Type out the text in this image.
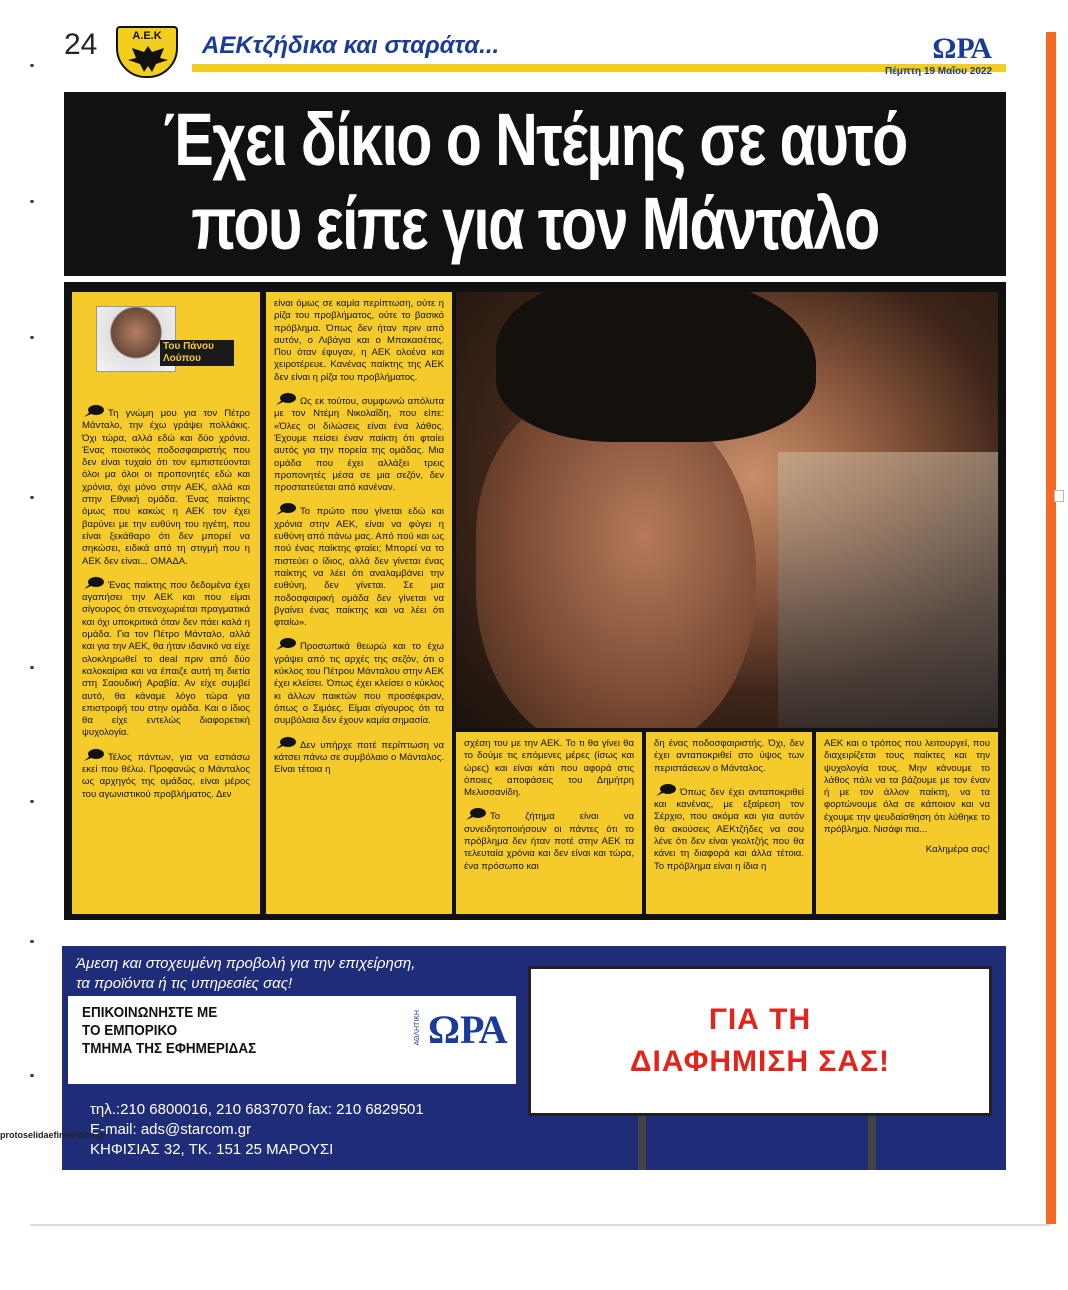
24	Α.Ε.Κ	ΑΕΚτζήδικα και σταράτα...	ΩΡΑ
Πέμπτη 19 Μαΐου 2022
Έχει δίκιο ο Ντέμης σε αυτό
που είπε για τον Μάνταλο
Του Πάνου
Λούπου

Τη γνώμη μου για τον Πέτρο Μάνταλο, την έχω γράψει πολλάκις. Όχι τώρα, αλλά εδώ και δύο χρόνια. Ένας ποιοτικός ποδοσφαιριστής που δεν είναι τυχαίο ότι τον εμπιστεύονται όλοι μα όλοι οι προπονητές εδώ και χρόνια, όχι μόνο στην ΑΕΚ, αλλά και στην Εθνική ομάδα. Ένας παίκτης όμως που κακώς η ΑΕΚ τον έχει βαρύνει με την ευθύνη του ηγέτη, που είναι ξεκάθαρο ότι δεν μπορεί να σηκώσει, ειδικά από τη στιγμή που η ΑΕΚ δεν είναι... ΟΜΑΔΑ.

Ένας παίκτης που δεδομένα έχει αγαπήσει την ΑΕΚ και που είμαι σίγουρος ότι στενοχωριέται πραγματικά και όχι υποκριτικά όταν δεν πάει καλά η ομάδα. Για τον Πέτρο Μάνταλο, αλλά και για την ΑΕΚ, θα ήταν ιδανικό να είχε ολοκληρωθεί το deal πριν από δύο καλοκαίρια και να έπαιζε αυτή τη διετία στη Σαουδική Αραβία. Αν είχε συμβεί αυτό, θα κάναμε λόγο τώρα για επιστροφή του στην ομάδα. Και ο ίδιος θα είχε εντελώς διαφορετική ψυχολογία.

Τέλος πάντων, για να εστιάσω εκεί που θέλω. Προφανώς ο Μάνταλος ως αρχηγός της ομάδας, είναι μέρος του αγωνιστικού προβλήματος. Δεν

είναι όμως σε καμία περίπτωση, ούτε η ρίζα του προβλήματος, ούτε το βασικό πρόβλημα. Όπως δεν ήταν πριν από αυτόν, ο Λιβάγια και ο Μπακασέτας. Που όταν έφυγαν, η ΑΕΚ ολοένα και χειροτέρευε. Κανένας παίκτης της ΑΕΚ δεν είναι η ρίζα του προβλήματος.

Ως εκ τούτου, συμφωνώ απόλυτα με τον Ντέμη Νικολαΐδη, που είπε: «Όλες οι διλώσεις είναι ένα λάθος. Έχουμε πείσει έναν παίκτη ότι φταίει αυτός για την πορεία της ομάδας. Μια ομάδα που έχει αλλάξει τρεις προπονητές μέσα σε μια σεζόν, δεν προστατεύεται από κανέναν.

Το πρώτο που γίνεται εδώ και χρόνια στην ΑΕΚ, είναι να φύγει η ευθύνη από πάνω μας. Από πού και ως πού ένας παίκτης φταίει; Μπορεί να το πιστεύει ο ίδιος, αλλά δεν γίνεται ένας παίκτης να λέει ότι αναλαμβάνει την ευθύνη, δεν γίνεται. Σε μια ποδοσφαιρική ομάδα δεν γίνεται να βγαίνει ένας παίκτης και να λέει ότι φταίω».

Προσωπικά θεωρώ και το έχω γράψει από τις αρχές της σεζόν, ότι ο κύκλος του Πέτρου Μάνταλου στην ΑΕΚ έχει κλείσει. Όπως έχει κλείσει ο κύκλος κι άλλων παικτών που προσέφεραν, όπως ο Σιμόες. Είμαι σίγουρος ότι τα συμβόλαια δεν έχουν καμία σημασία.

Δεν υπήρχε ποτέ περίπτωση να κάτσει πάνω σε συμβόλαιο ο Μάνταλος. Είναι τέτοια η

σχέση του με την ΑΕΚ. Το τι θα γίνει θα το δούμε τις επόμενες μέρες (ίσως και ώρες) και είναι κάτι που αφορά στις όποιες αποφάσεις του Δημήτρη Μελισσανίδη.

Το ζήτημα είναι να συνειδητοποιήσουν οι πάντες ότι το πρόβλημα δεν ήταν ποτέ στην ΑΕΚ τα τελευταία χρόνια και δεν είναι και τώρα, ένα πρόσωπο και

δη ένας ποδοσφαιριστής. Όχι, δεν έχει ανταποκριθεί στο ύψος των περιστάσεων ο Μάνταλος.

Όπως δεν έχει ανταποκριθεί και κανένας, με εξαίρεση τον Σέρχιο, που ακόμα και για αυτόν θα ακούσεις ΑΕΚτζήδες να σου λένε ότι δεν είναι γκολτζής που θα κάνει τη διαφορά και άλλα τέτοια. Το πρόβλημα είναι η ίδια η

ΑΕΚ και ο τρόπος που λειτουργεί, που διαχειρίζεται τους παίκτες και την ψυχολογία τους. Μην κάνουμε το λάθος πάλι να τα βάζουμε με τον έναν ή με τον άλλον παίκτη, να τα φορτώνουμε όλα σε κάποιον και να έχουμε την ψευδαίσθηση ότι λύθηκε το πρόβλημα. Νισάφι πια...

Καλημέρα σας!

Άμεση και στοχευμένη προβολή για την επιχείρηση,
τα προϊόντα ή τις υπηρεσίες σας!
ΕΠΙΚΟΙΝΩΝΗΣΤΕ ΜΕ
ΤΟ ΕΜΠΟΡΙΚΟ
ΤΜΗΜΑ ΤΗΣ ΕΦΗΜΕΡΙΔΑΣ
ΑΘΛΗΤΙΚΗ ΩΡΑ	ΓΙΑ ΤΗ
ΔΙΑΦΗΜΙΣΗ ΣΑΣ!
τηλ.:210 6800016, 210 6837070 fax: 210 6829501
E-mail: ads@starcom.gr
ΚΗΦΙΣΙΑΣ 32, ΤΚ. 151 25 ΜΑΡΟΥΣΙ
protoselidaefimeridon.gr
